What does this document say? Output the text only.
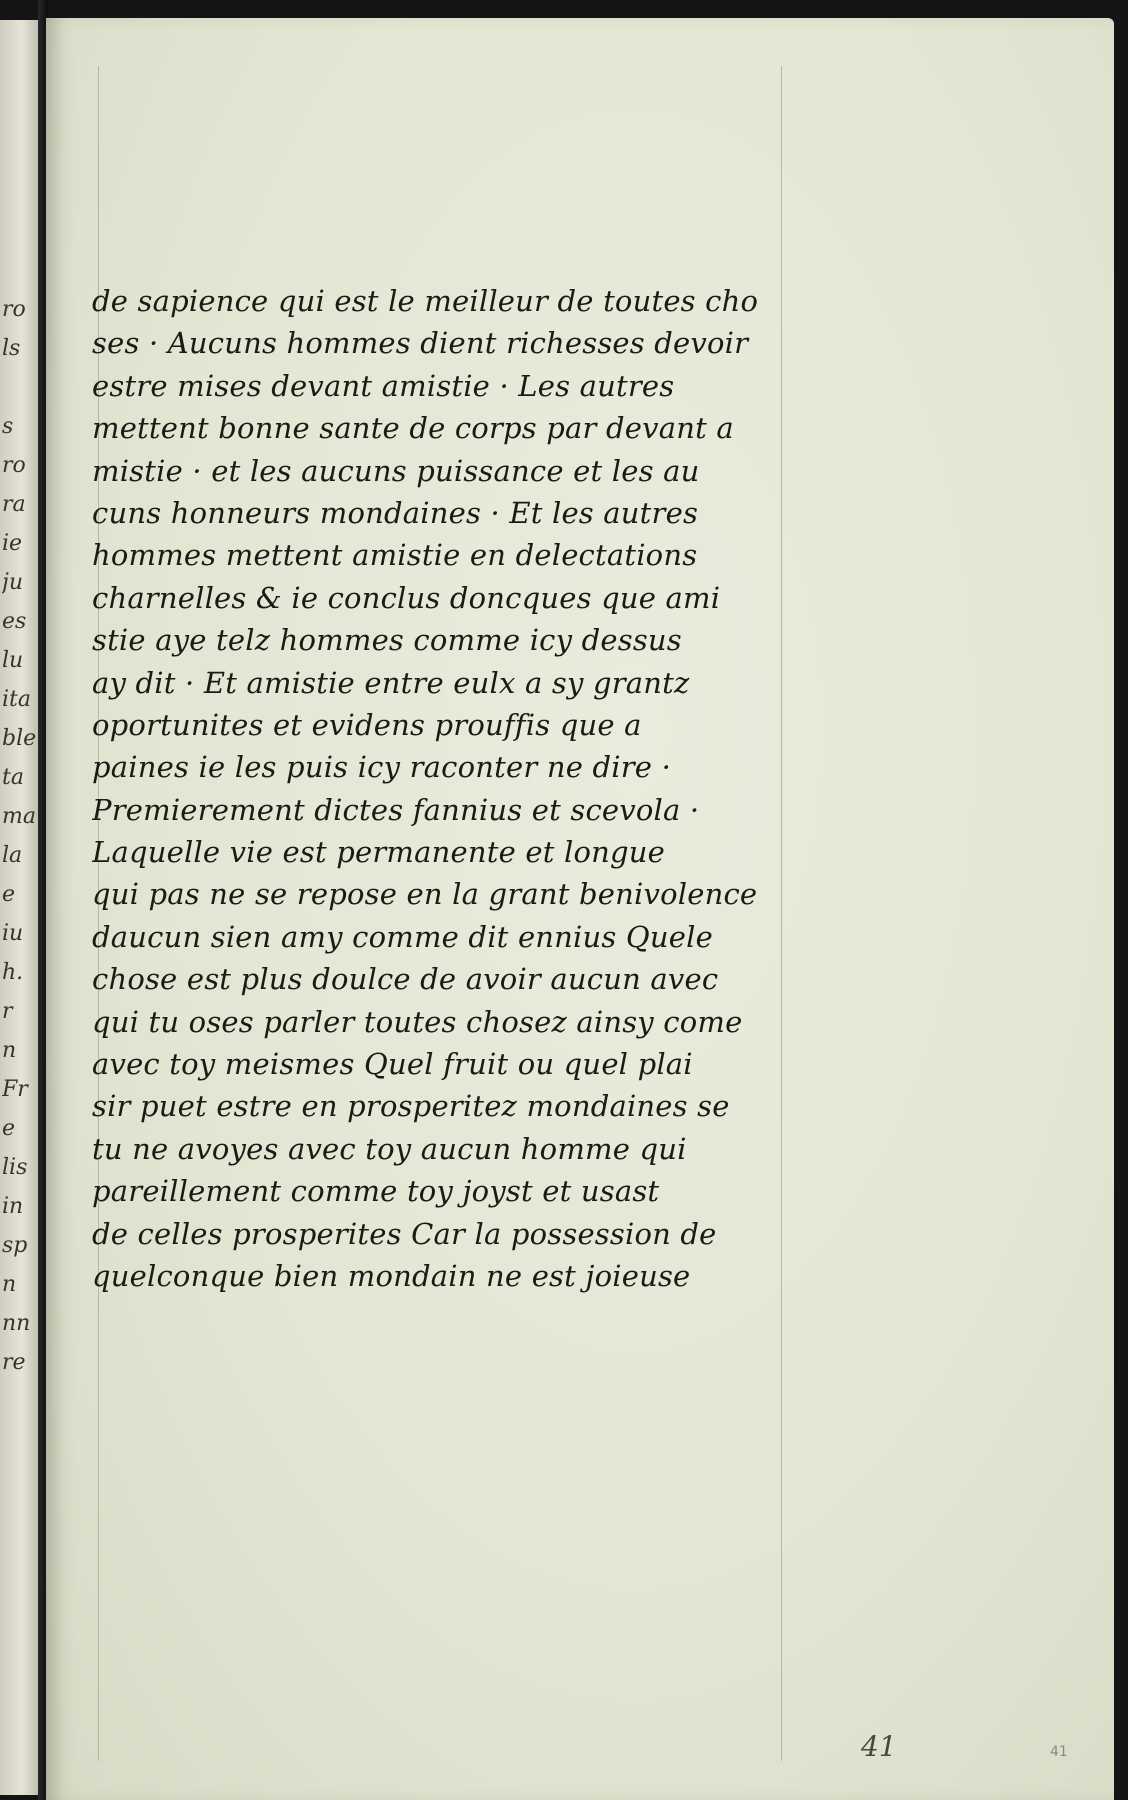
ro

ls

s

ro

ra

ie

ju

es

lu

ita

ble

ta

ma

la

e

iu

h.

r

n

Fr

e

lis

in

sp

n

nn

re

de sapience qui est le meilleur de toutes cho

ses · Aucuns hommes dient richesses devoir

estre mises devant amistie · Les autres

mettent bonne sante de corps par devant a

mistie · et les aucuns puissance et les au

cuns honneurs mondaines · Et les autres

hommes mettent amistie en delectations

charnelles & ie conclus doncques que ami

stie aye telz hommes comme icy dessus

ay dit · Et amistie entre eulx a sy grantz

oportunites et evidens prouffis que a

paines ie les puis icy raconter ne dire ·

Premierement dictes fannius et scevola ·

Laquelle vie est permanente et longue

qui pas ne se repose en la grant benivolence

daucun sien amy comme dit ennius Quele

chose est plus doulce de avoir aucun avec

qui tu oses parler toutes chosez ainsy come

avec toy meismes Quel fruit ou quel plai

sir puet estre en prosperitez mondaines se

tu ne avoyes avec toy aucun homme qui

pareillement comme toy joyst et usast

de celles prosperites Car la possession de

quelconque bien mondain ne est joieuse

41	41
